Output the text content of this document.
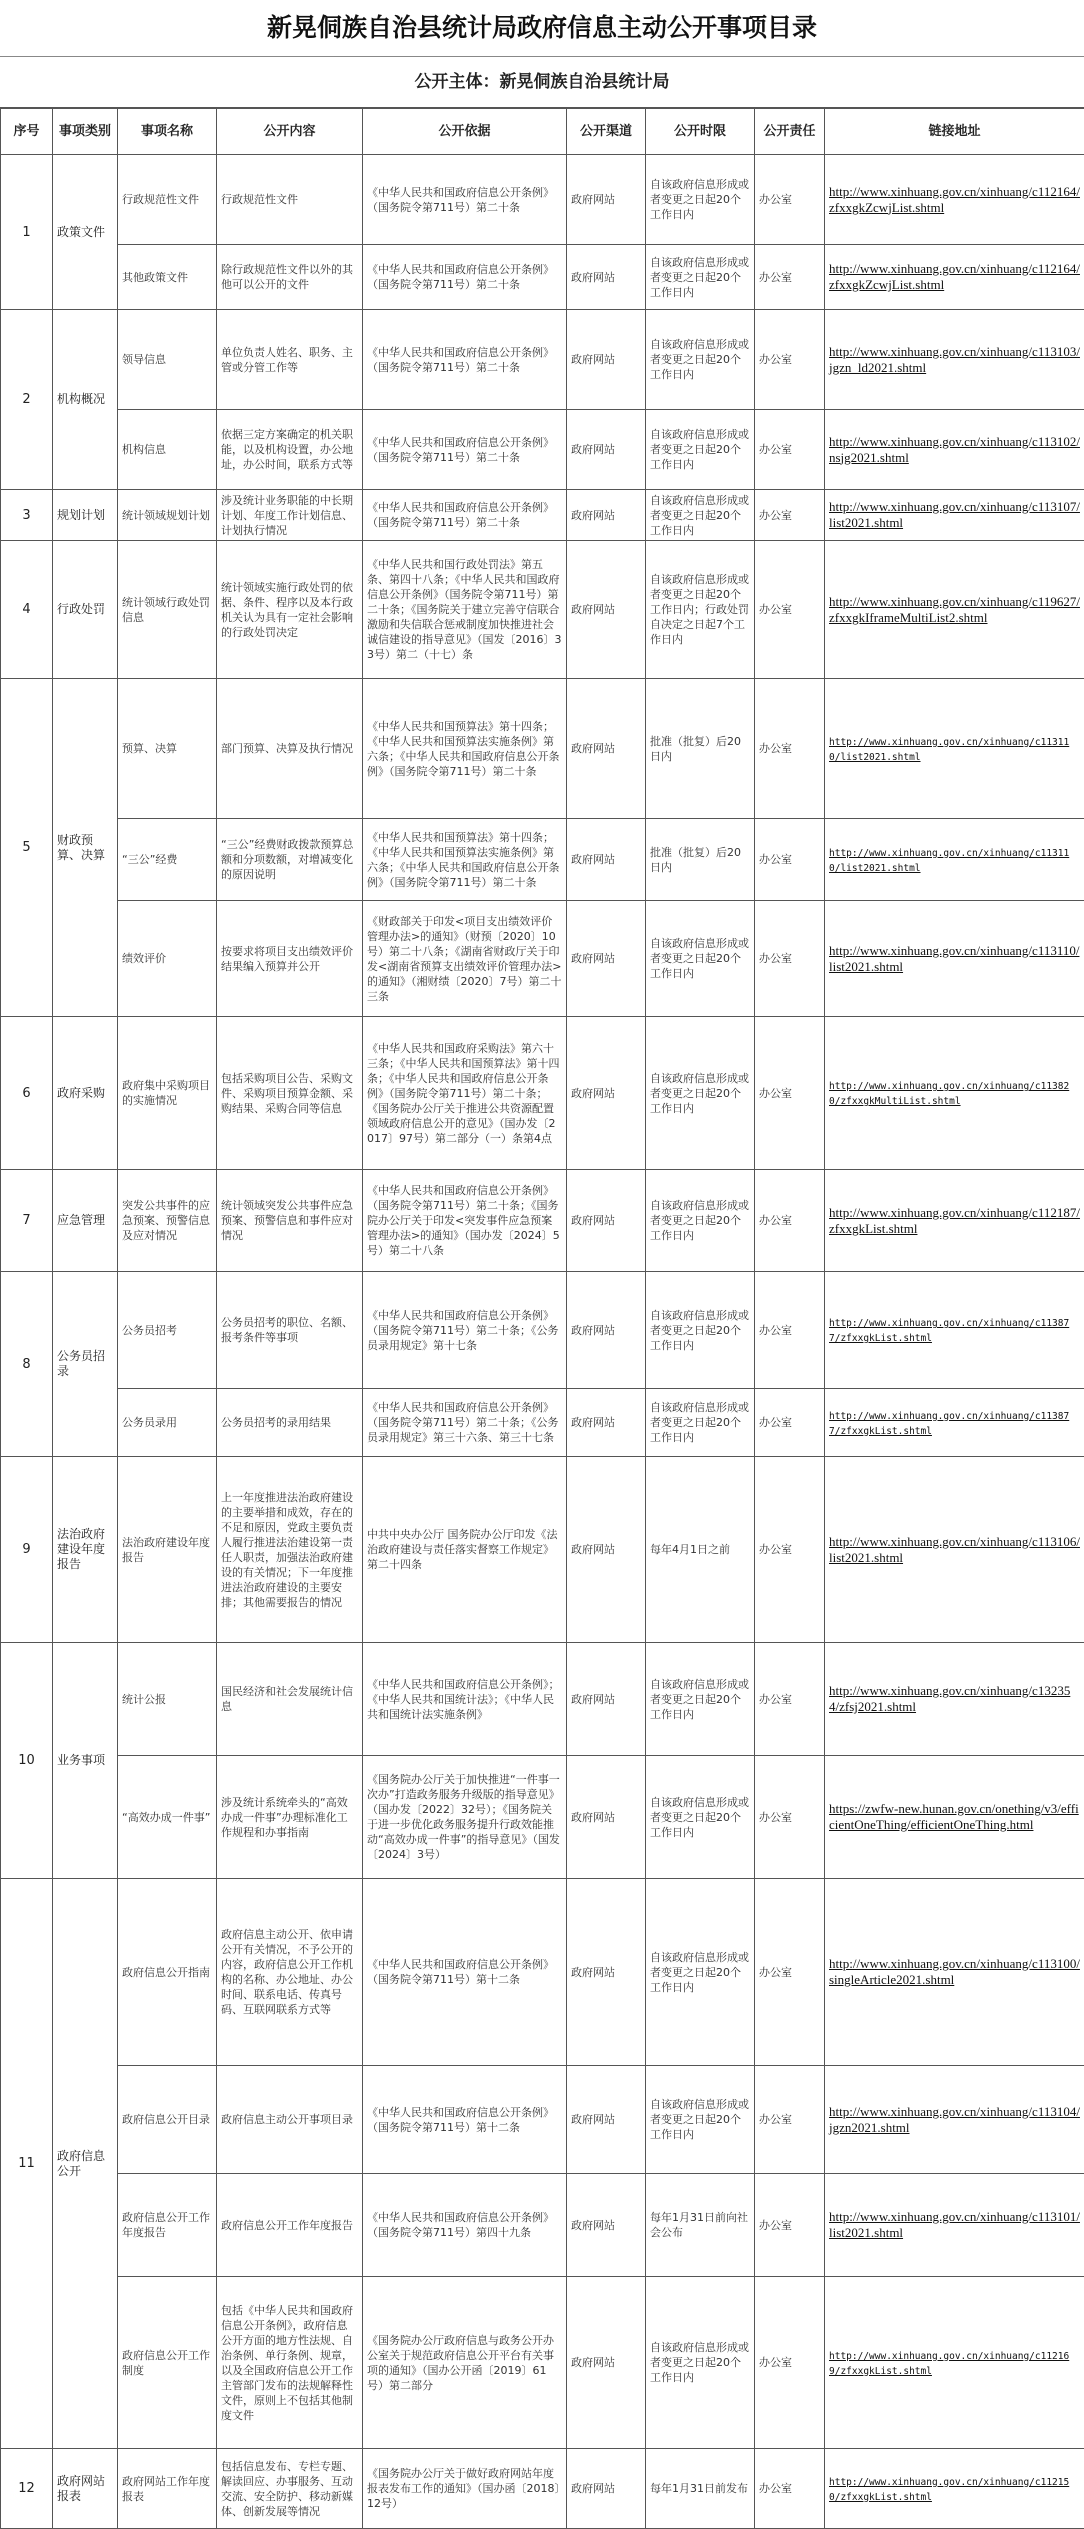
新晃侗族自治县统计局政府信息主动公开事项目录
公开主体：新晃侗族自治县统计局
序号	事项类别	事项名称	公开内容	公开依据	公开渠道	公开时限	公开责任	链接地址
1	政策文件	行政规范性文件	行政规范性文件	《中华人民共和国政府信息公开条例》（国务院令第711号）第二十条	政府网站	自该政府信息形成或者变更之日起20个工作日内	办公室	http://www.xinhuang.gov.cn/xinhuang/c112164/zfxxgkZcwjList.shtml
		其他政策文件	除行政规范性文件以外的其他可以公开的文件	《中华人民共和国政府信息公开条例》（国务院令第711号）第二十条	政府网站	自该政府信息形成或者变更之日起20个工作日内	办公室	http://www.xinhuang.gov.cn/xinhuang/c112164/zfxxgkZcwjList.shtml
2	机构概况	领导信息	单位负责人姓名、职务、主管或分管工作等	《中华人民共和国政府信息公开条例》（国务院令第711号）第二十条	政府网站	自该政府信息形成或者变更之日起20个工作日内	办公室	http://www.xinhuang.gov.cn/xinhuang/c113103/jgzn_ld2021.shtml
		机构信息	依据三定方案确定的机关职能，以及机构设置，办公地址，办公时间，联系方式等	《中华人民共和国政府信息公开条例》（国务院令第711号）第二十条	政府网站	自该政府信息形成或者变更之日起20个工作日内	办公室	http://www.xinhuang.gov.cn/xinhuang/c113102/nsjg2021.shtml
3	规划计划	统计领域规划计划	涉及统计业务职能的中长期计划、年度工作计划信息、计划执行情况	《中华人民共和国政府信息公开条例》（国务院令第711号）第二十条	政府网站	自该政府信息形成或者变更之日起20个工作日内	办公室	http://www.xinhuang.gov.cn/xinhuang/c113107/list2021.shtml
4	行政处罚	统计领域行政处罚信息	统计领域实施行政处罚的依据、条件、程序以及本行政机关认为具有一定社会影响的行政处罚决定	《中华人民共和国行政处罚法》第五条、第四十八条；《中华人民共和国政府信息公开条例》（国务院令第711号）第二十条；《国务院关于建立完善守信联合激励和失信联合惩戒制度加快推进社会诚信建设的指导意见》（国发〔2016〕33号）第二（十七）条	政府网站	自该政府信息形成或者变更之日起20个工作日内；行政处罚自决定之日起7个工作日内	办公室	http://www.xinhuang.gov.cn/xinhuang/c119627/zfxxgkIframeMultiList2.shtml
5	财政预算、决算	预算、决算	部门预算、决算及执行情况	《中华人民共和国预算法》第十四条；《中华人民共和国预算法实施条例》第六条；《中华人民共和国政府信息公开条例》（国务院令第711号）第二十条	政府网站	批准（批复）后20日内	办公室	http://www.xinhuang.gov.cn/xinhuang/c113110/list2021.shtml
		“三公”经费	“三公”经费财政拨款预算总额和分项数额，对增减变化的原因说明	《中华人民共和国预算法》第十四条；《中华人民共和国预算法实施条例》第六条；《中华人民共和国政府信息公开条例》（国务院令第711号）第二十条	政府网站	批准（批复）后20日内	办公室	http://www.xinhuang.gov.cn/xinhuang/c113110/list2021.shtml
		绩效评价	按要求将项目支出绩效评价结果编入预算并公开	《财政部关于印发<项目支出绩效评价管理办法>的通知》（财预〔2020〕10号）第二十八条；《湖南省财政厅关于印发<湖南省预算支出绩效评价管理办法>的通知》（湘财绩〔2020〕7号）第二十三条	政府网站	自该政府信息形成或者变更之日起20个工作日内	办公室	http://www.xinhuang.gov.cn/xinhuang/c113110/list2021.shtml
6	政府采购	政府集中采购项目的实施情况	包括采购项目公告、采购文件、采购项目预算金额、采购结果、采购合同等信息	《中华人民共和国政府采购法》第六十三条；《中华人民共和国预算法》第十四条；《中华人民共和国政府信息公开条例》（国务院令第711号）第二十条；《国务院办公厅关于推进公共资源配置领域政府信息公开的意见》（国办发〔2017〕97号）第二部分（一）条第4点	政府网站	自该政府信息形成或者变更之日起20个工作日内	办公室	http://www.xinhuang.gov.cn/xinhuang/c113820/zfxxgkMultiList.shtml
7	应急管理	突发公共事件的应急预案、预警信息及应对情况	统计领域突发公共事件应急预案、预警信息和事件应对情况	《中华人民共和国政府信息公开条例》（国务院令第711号）第二十条；《国务院办公厅关于印发<突发事件应急预案管理办法>的通知》（国办发〔2024〕5号）第二十八条	政府网站	自该政府信息形成或者变更之日起20个工作日内	办公室	http://www.xinhuang.gov.cn/xinhuang/c112187/zfxxgkList.shtml
8	公务员招录	公务员招考	公务员招考的职位、名额、报考条件等事项	《中华人民共和国政府信息公开条例》（国务院令第711号）第二十条；《公务员录用规定》第十七条	政府网站	自该政府信息形成或者变更之日起20个工作日内	办公室	http://www.xinhuang.gov.cn/xinhuang/c113877/zfxxgkList.shtml
		公务员录用	公务员招考的录用结果	《中华人民共和国政府信息公开条例》（国务院令第711号）第二十条；《公务员录用规定》第三十六条、第三十七条	政府网站	自该政府信息形成或者变更之日起20个工作日内	办公室	http://www.xinhuang.gov.cn/xinhuang/c113877/zfxxgkList.shtml
9	法治政府建设年度报告	法治政府建设年度报告	上一年度推进法治政府建设的主要举措和成效，存在的不足和原因，党政主要负责人履行推进法治建设第一责任人职责，加强法治政府建设的有关情况；下一年度推进法治政府建设的主要安排；其他需要报告的情况	中共中央办公厅 国务院办公厅印发《法治政府建设与责任落实督察工作规定》第二十四条	政府网站	每年4月1日之前	办公室	http://www.xinhuang.gov.cn/xinhuang/c113106/list2021.shtml
10	业务事项	统计公报	国民经济和社会发展统计信息	《中华人民共和国政府信息公开条例》；《中华人民共和国统计法》；《中华人民共和国统计法实施条例》	政府网站	自该政府信息形成或者变更之日起20个工作日内	办公室	http://www.xinhuang.gov.cn/xinhuang/c132354/zfsj2021.shtml
		“高效办成一件事”	涉及统计系统牵头的“高效办成一件事”办理标准化工作规程和办事指南	《国务院办公厅关于加快推进“一件事一次办”打造政务服务升级版的指导意见》（国办发〔2022〕32号）；《国务院关于进一步优化政务服务提升行政效能推动“高效办成一件事”的指导意见》（国发〔2024〕3号）	政府网站	自该政府信息形成或者变更之日起20个工作日内	办公室	https://zwfw-new.hunan.gov.cn/onething/v3/efficientOneThing/efficientOneThing.html
11	政府信息公开	政府信息公开指南	政府信息主动公开、依申请公开有关情况，不予公开的内容，政府信息公开工作机构的名称、办公地址、办公时间、联系电话、传真号码、互联网联系方式等	《中华人民共和国政府信息公开条例》（国务院令第711号）第十二条	政府网站	自该政府信息形成或者变更之日起20个工作日内	办公室	http://www.xinhuang.gov.cn/xinhuang/c113100/singleArticle2021.shtml
		政府信息公开目录	政府信息主动公开事项目录	《中华人民共和国政府信息公开条例》（国务院令第711号）第十二条	政府网站	自该政府信息形成或者变更之日起20个工作日内	办公室	http://www.xinhuang.gov.cn/xinhuang/c113104/jgzn2021.shtml
		政府信息公开工作年度报告	政府信息公开工作年度报告	《中华人民共和国政府信息公开条例》（国务院令第711号）第四十九条	政府网站	每年1月31日前向社会公布	办公室	http://www.xinhuang.gov.cn/xinhuang/c113101/list2021.shtml
		政府信息公开工作制度	包括《中华人民共和国政府信息公开条例》，政府信息公开方面的地方性法规、自治条例、单行条例、规章，以及全国政府信息公开工作主管部门发布的法规解释性文件，原则上不包括其他制度文件	《国务院办公厅政府信息与政务公开办公室关于规范政府信息公开平台有关事项的通知》（国办公开函〔2019〕61号）第二部分	政府网站	自该政府信息形成或者变更之日起20个工作日内	办公室	http://www.xinhuang.gov.cn/xinhuang/c112169/zfxxgkList.shtml
12	政府网站报表	政府网站工作年度报表	包括信息发布、专栏专题、解读回应、办事服务、互动交流、安全防护、移动新媒体、创新发展等情况	《国务院办公厅关于做好政府网站年度报表发布工作的通知》（国办函〔2018〕12号）	政府网站	每年1月31日前发布	办公室	http://www.xinhuang.gov.cn/xinhuang/c112150/zfxxgkList.shtml
